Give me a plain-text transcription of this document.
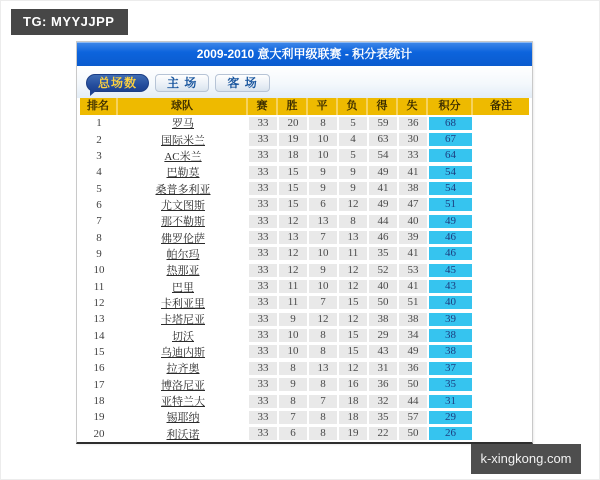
TG: MYYJJPP
2009-2010 意大利甲级联赛 - 积分表统计
总场数	主 场	客 场
排名	球队	赛	胜	平	负	得	失	积分	备注
1	罗马	33	20	8	5	59	36	68
2	国际米兰	33	19	10	4	63	30	67
3	AC米兰	33	18	10	5	54	33	64
4	巴勒莫	33	15	9	9	49	41	54
5	桑普多利亚	33	15	9	9	41	38	54
6	尤文图斯	33	15	6	12	49	47	51
7	那不勒斯	33	12	13	8	44	40	49
8	佛罗伦萨	33	13	7	13	46	39	46
9	帕尔玛	33	12	10	11	35	41	46
10	热那亚	33	12	9	12	52	53	45
11	巴里	33	11	10	12	40	41	43
12	卡利亚里	33	11	7	15	50	51	40
13	卡塔尼亚	33	9	12	12	38	38	39
14	切沃	33	10	8	15	29	34	38
15	乌迪内斯	33	10	8	15	43	49	38
16	拉齐奥	33	8	13	12	31	36	37
17	博洛尼亚	33	9	8	16	36	50	35
18	亚特兰大	33	8	7	18	32	44	31
19	锡耶纳	33	7	8	18	35	57	29
20	利沃诺	33	6	8	19	22	50	26
k-xingkong.com
